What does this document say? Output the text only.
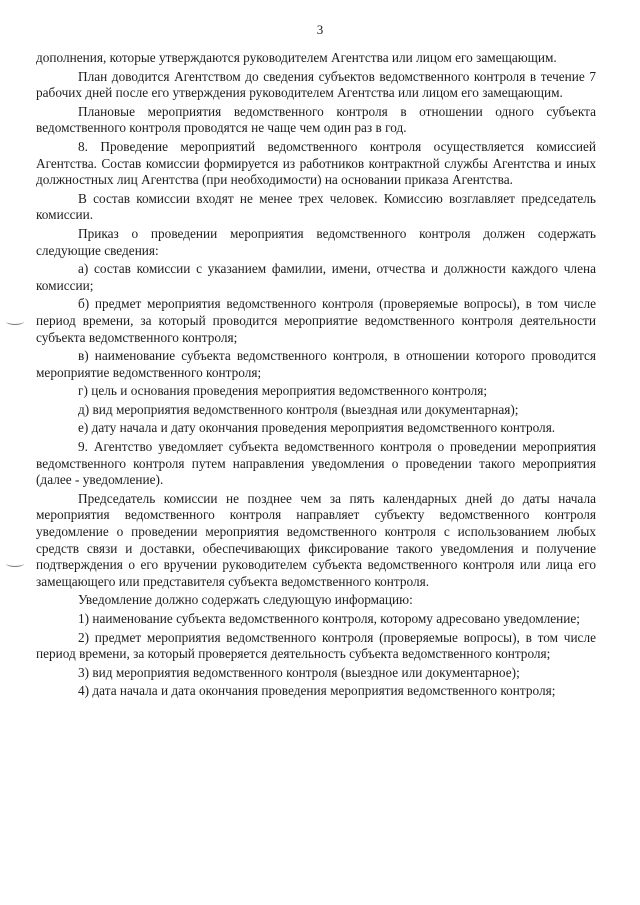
3

дополнения, которые утверждаются руководителем Агентства или лицом его замещающим.

План доводится Агентством до сведения субъектов ведомственного контроля в течение 7 рабочих дней после его утверждения руководителем Агентства или лицом его замещающим.

Плановые мероприятия ведомственного контроля в отношении одного субъекта ведомственного контроля проводятся не чаще чем один раз в год.

8. Проведение мероприятий ведомственного контроля осуществляется комиссией Агентства. Состав комиссии формируется из работников контрактной службы Агентства и иных должностных лиц Агентства (при необходимости) на основании приказа Агентства.

В состав комиссии входят не менее трех человек. Комиссию возглавляет председатель комиссии.

Приказ о проведении мероприятия ведомственного контроля должен содержать следующие сведения:

а) состав комиссии с указанием фамилии, имени, отчества и должности каждого члена комиссии;

б) предмет мероприятия ведомственного контроля (проверяемые вопросы), в том числе период времени, за который проводится мероприятие ведомственного контроля деятельности субъекта ведомственного контроля;

в) наименование субъекта ведомственного контроля, в отношении которого проводится мероприятие ведомственного контроля;

г) цель и основания проведения мероприятия ведомственного контроля;

д) вид мероприятия ведомственного контроля (выездная или документарная);

е) дату начала и дату окончания проведения мероприятия ведомственного контроля.

9. Агентство уведомляет субъекта ведомственного контроля о проведении мероприятия ведомственного контроля путем направления уведомления о проведении такого мероприятия (далее - уведомление).

Председатель комиссии не позднее чем за пять календарных дней до даты начала мероприятия ведомственного контроля направляет субъекту ведомственного контроля уведомление о проведении мероприятия ведомственного контроля с использованием любых средств связи и доставки, обеспечивающих фиксирование такого уведомления и получение подтверждения о его вручении руководителем субъекта ведомственного контроля или лица его замещающего или представителя субъекта ведомственного контроля.

Уведомление должно содержать следующую информацию:

1) наименование субъекта ведомственного контроля, которому адресовано уведомление;

2) предмет мероприятия ведомственного контроля (проверяемые вопросы), в том числе период времени, за который проверяется деятельность субъекта ведомственного контроля;

3) вид мероприятия ведомственного контроля (выездное или документарное);

4) дата начала и дата окончания проведения мероприятия ведомственного контроля;
